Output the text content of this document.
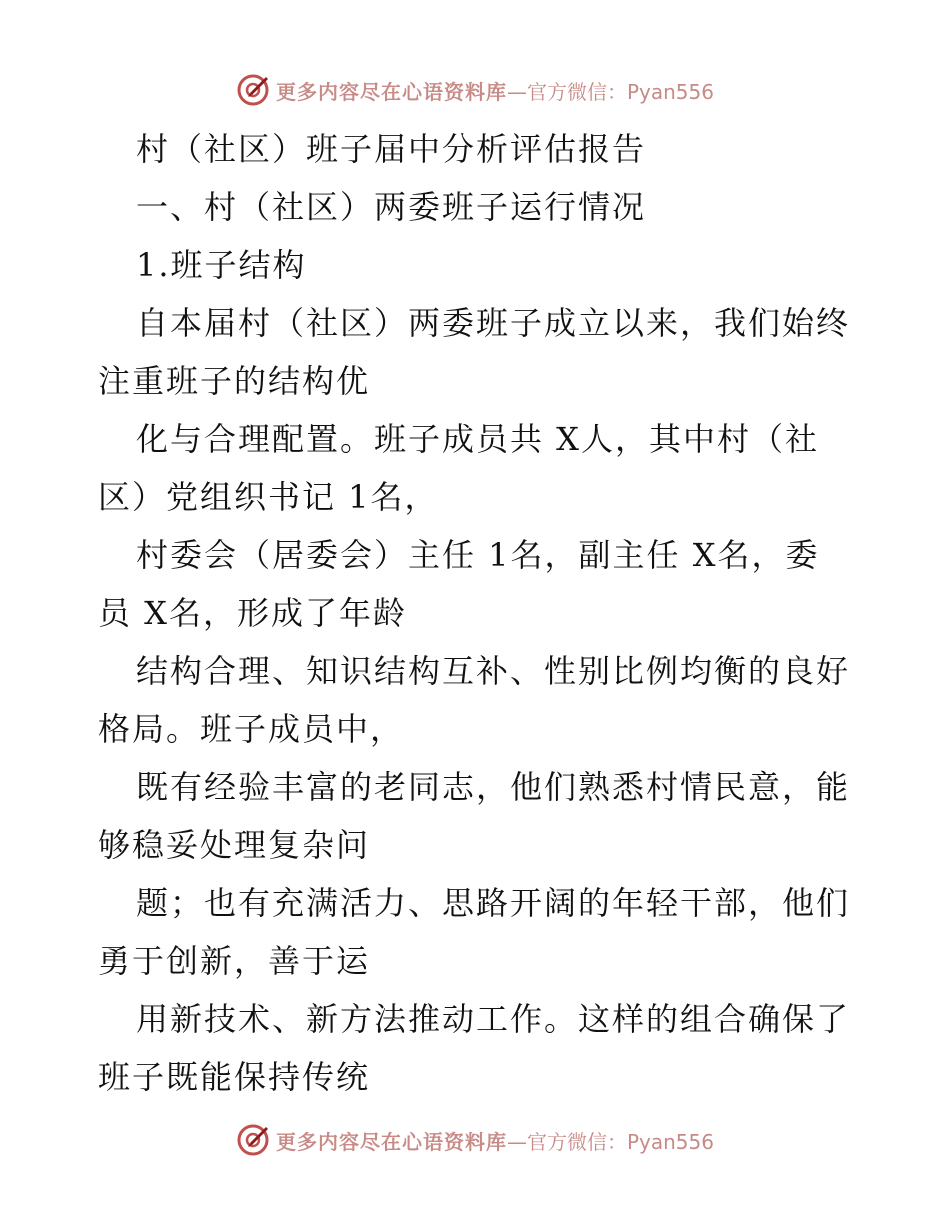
更多内容尽在心语资料库 —官方微信：Pyan556
村（社区）班子届中分析评估报告
一、村（社区）两委班子运行情况
1.班子结构
自本届村（社区）两委班子成立以来，我们始终
注重班子的结构优
化与合理配置。班子成员共 X人，其中村（社
区）党组织书记 1名，
村委会（居委会）主任 1名，副主任 X名，委
员 X名，形成了年龄
结构合理、知识结构互补、性别比例均衡的良好
格局。班子成员中，
既有经验丰富的老同志，他们熟悉村情民意，能
够稳妥处理复杂问
题；也有充满活力、思路开阔的年轻干部，他们
勇于创新，善于运
用新技术、新方法推动工作。这样的组合确保了
班子既能保持传统
更多内容尽在心语资料库 —官方微信：Pyan556
